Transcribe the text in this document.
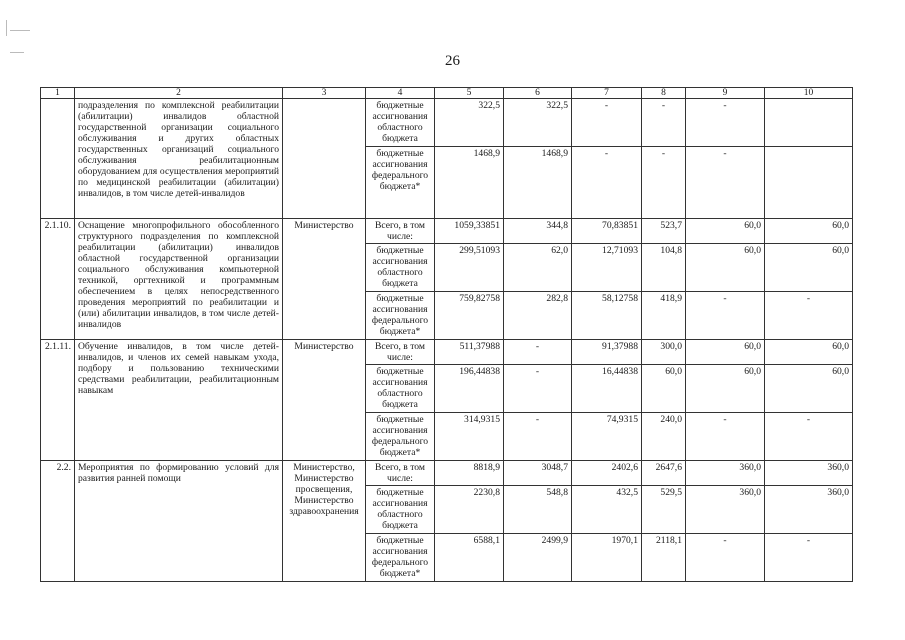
26
1	2	3	4	5	6	7	8	9	10
	подразделения по комплексной реабилитации (абилитации) инвалидов областной государственной организации социального обслуживания и других областных государственных организаций социального обслуживания реабилитационным оборудованием для осуществления мероприятий по медицинской реабилитации (абилитации) инвалидов, в том числе детей-инвалидов		бюджетные ассигнования областного бюджета	322,5	322,5	-	-	-	
			бюджетные ассигнования федерального бюджета*	1468,9	1468,9	-	-	-	
2.1.10.	Оснащение многопрофильного обособленного структурного подразделения по комплексной реабилитации (абилитации) инвалидов областной государственной организации социального обслуживания компьютерной техникой, оргтехникой и программным обеспечением в целях непосредственного проведения мероприятий по реабилитации и (или) абилитации инвалидов, в том числе детей-инвалидов	Министерство	Всего, в том числе:	1059,33851	344,8	70,83851	523,7	60,0	60,0
			бюджетные ассигнования областного бюджета	299,51093	62,0	12,71093	104,8	60,0	60,0
			бюджетные ассигнования федерального бюджета*	759,82758	282,8	58,12758	418,9	-	-
2.1.11.	Обучение инвалидов, в том числе детей-инвалидов, и членов их семей навыкам ухода, подбору и пользованию техническими средствами реабилитации, реабилитационным навыкам	Министерство	Всего, в том числе:	511,37988	-	91,37988	300,0	60,0	60,0
			бюджетные ассигнования областного бюджета	196,44838	-	16,44838	60,0	60,0	60,0
			бюджетные ассигнования федерального бюджета*	314,9315	-	74,9315	240,0	-	-
2.2.	Мероприятия по формированию условий для развития ранней помощи	Министерство, Министерство просвещения, Министерство здравоохранения	Всего, в том числе:	8818,9	3048,7	2402,6	2647,6	360,0	360,0
			бюджетные ассигнования областного бюджета	2230,8	548,8	432,5	529,5	360,0	360,0
			бюджетные ассигнования федерального бюджета*	6588,1	2499,9	1970,1	2118,1	-	-
